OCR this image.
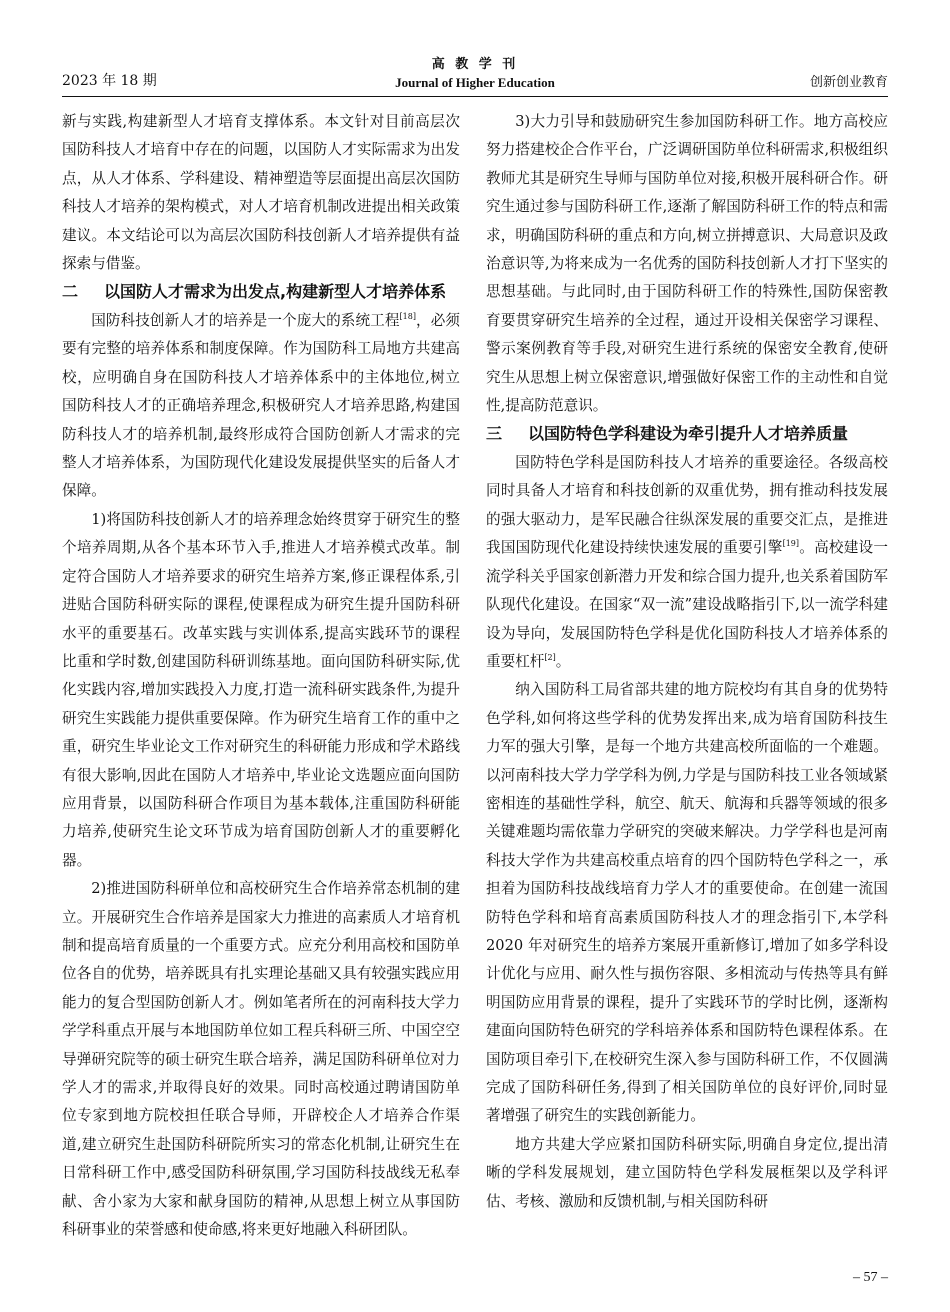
2023 年 18 期
高 教 学 刊
Journal of Higher Education	创新创业教育

新与实践,构建新型人才培育支撑体系。本文针对目前高层次国防科技人才培育中存在的问题，以国防人才实际需求为出发点，从人才体系、学科建设、精神塑造等层面提出高层次国防科技人才培养的架构模式，对人才培育机制改进提出相关政策建议。本文结论可以为高层次国防科技创新人才培养提供有益探索与借鉴。

二 以国防人才需求为出发点,构建新型人才培养体系

国防科技创新人才的培养是一个庞大的系统工程[18]，必须要有完整的培养体系和制度保障。作为国防科工局地方共建高校，应明确自身在国防科技人才培养体系中的主体地位,树立国防科技人才的正确培养理念,积极研究人才培养思路,构建国防科技人才的培养机制,最终形成符合国防创新人才需求的完整人才培养体系，为国防现代化建设发展提供坚实的后备人才保障。

1)将国防科技创新人才的培养理念始终贯穿于研究生的整个培养周期,从各个基本环节入手,推进人才培养模式改革。制定符合国防人才培养要求的研究生培养方案,修正课程体系,引进贴合国防科研实际的课程,使课程成为研究生提升国防科研水平的重要基石。改革实践与实训体系,提高实践环节的课程比重和学时数,创建国防科研训练基地。面向国防科研实际,优化实践内容,增加实践投入力度,打造一流科研实践条件,为提升研究生实践能力提供重要保障。作为研究生培育工作的重中之重，研究生毕业论文工作对研究生的科研能力形成和学术路线有很大影响,因此在国防人才培养中,毕业论文选题应面向国防应用背景，以国防科研合作项目为基本载体,注重国防科研能力培养,使研究生论文环节成为培育国防创新人才的重要孵化器。

2)推进国防科研单位和高校研究生合作培养常态机制的建立。开展研究生合作培养是国家大力推进的高素质人才培育机制和提高培育质量的一个重要方式。应充分利用高校和国防单位各自的优势，培养既具有扎实理论基础又具有较强实践应用能力的复合型国防创新人才。例如笔者所在的河南科技大学力学学科重点开展与本地国防单位如工程兵科研三所、中国空空导弹研究院等的硕士研究生联合培养，满足国防科研单位对力学人才的需求,并取得良好的效果。同时高校通过聘请国防单位专家到地方院校担任联合导师，开辟校企人才培养合作渠道,建立研究生赴国防科研院所实习的常态化机制,让研究生在日常科研工作中,感受国防科研氛围,学习国防科技战线无私奉献、舍小家为大家和献身国防的精神,从思想上树立从事国防科研事业的荣誉感和使命感,将来更好地融入科研团队。

3)大力引导和鼓励研究生参加国防科研工作。地方高校应努力搭建校企合作平台，广泛调研国防单位科研需求,积极组织教师尤其是研究生导师与国防单位对接,积极开展科研合作。研究生通过参与国防科研工作,逐渐了解国防科研工作的特点和需求，明确国防科研的重点和方向,树立拼搏意识、大局意识及政治意识等,为将来成为一名优秀的国防科技创新人才打下坚实的思想基础。与此同时,由于国防科研工作的特殊性,国防保密教育要贯穿研究生培养的全过程，通过开设相关保密学习课程、警示案例教育等手段,对研究生进行系统的保密安全教育,使研究生从思想上树立保密意识,增强做好保密工作的主动性和自觉性,提高防范意识。

三 以国防特色学科建设为牵引提升人才培养质量

国防特色学科是国防科技人才培养的重要途径。各级高校同时具备人才培育和科技创新的双重优势，拥有推动科技发展的强大驱动力，是军民融合往纵深发展的重要交汇点，是推进我国国防现代化建设持续快速发展的重要引擎[19]。高校建设一流学科关乎国家创新潜力开发和综合国力提升,也关系着国防军队现代化建设。在国家“双一流”建设战略指引下,以一流学科建设为导向，发展国防特色学科是优化国防科技人才培养体系的重要杠杆[2]。

纳入国防科工局省部共建的地方院校均有其自身的优势特色学科,如何将这些学科的优势发挥出来,成为培育国防科技生力军的强大引擎，是每一个地方共建高校所面临的一个难题。以河南科技大学力学学科为例,力学是与国防科技工业各领域紧密相连的基础性学科，航空、航天、航海和兵器等领域的很多关键难题均需依靠力学研究的突破来解决。力学学科也是河南科技大学作为共建高校重点培育的四个国防特色学科之一，承担着为国防科技战线培育力学人才的重要使命。在创建一流国防特色学科和培育高素质国防科技人才的理念指引下,本学科 2020 年对研究生的培养方案展开重新修订,增加了如多学科设计优化与应用、耐久性与损伤容限、多相流动与传热等具有鲜明国防应用背景的课程，提升了实践环节的学时比例，逐渐构建面向国防特色研究的学科培养体系和国防特色课程体系。在国防项目牵引下,在校研究生深入参与国防科研工作，不仅圆满完成了国防科研任务,得到了相关国防单位的良好评价,同时显著增强了研究生的实践创新能力。

地方共建大学应紧扣国防科研实际,明确自身定位,提出清晰的学科发展规划，建立国防特色学科发展框架以及学科评估、考核、激励和反馈机制,与相关国防科研

– 57 –
